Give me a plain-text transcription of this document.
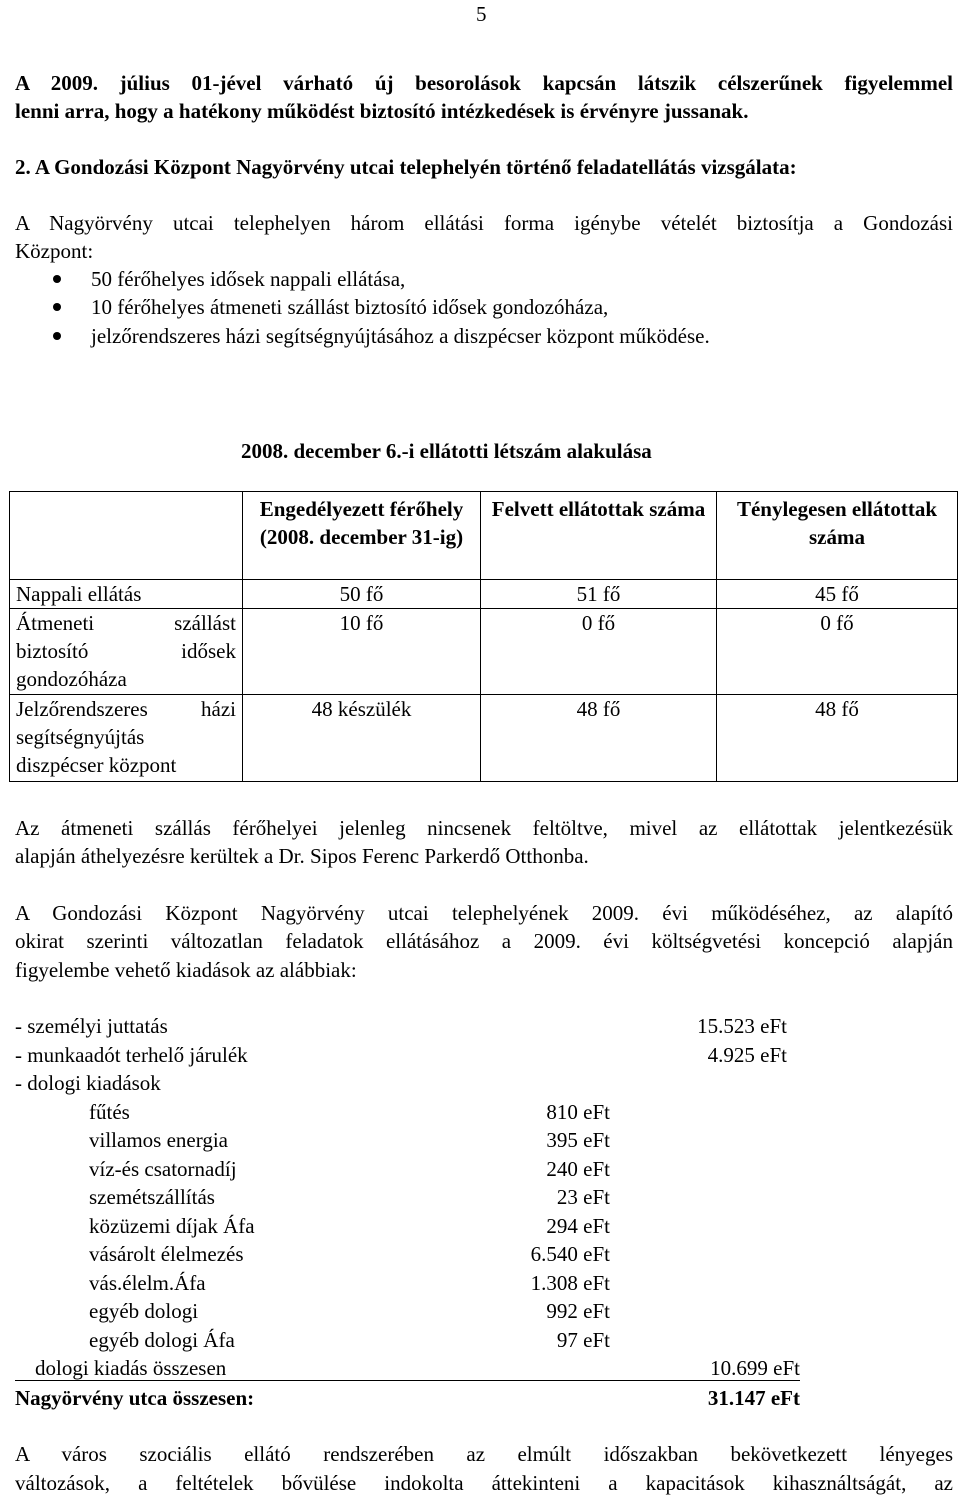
5
A 2009. július 01-jével várható új besorolások kapcsán látszik célszerűnek figyelemmel
lenni arra, hogy a hatékony működést biztosító intézkedések is érvényre jussanak.
2. A Gondozási Központ Nagyörvény utcai telephelyén történő feladatellátás vizsgálata:
A Nagyörvény utcai telephelyen három ellátási forma igénybe vételét biztosítja a Gondozási
Központ:
50 férőhelyes idősek nappali ellátása,
10 férőhelyes átmeneti szállást biztosító idősek gondozóháza,
jelzőrendszeres házi segítségnyújtásához a diszpécser központ működése.
2008. december 6.-i ellátotti létszám alakulása
	Engedélyezett férőhely (2008. december 31-ig)	Felvett ellátottak száma	Ténylegesen ellátottak száma
Nappali ellátás	50 fő	51 fő	45 fő
Átmeneti szállást biztosító idősek gondozóháza	10 fő	0 fő	0 fő
Jelzőrendszeres házi segítségnyújtás diszpécser központ	48 készülék	48 fő	48 fő
Az átmeneti szállás férőhelyei jelenleg nincsenek feltöltve, mivel az ellátottak jelentkezésük
alapján áthelyezésre kerültek a Dr. Sipos Ferenc Parkerdő Otthonba.
A Gondozási Központ Nagyörvény utcai telephelyének 2009. évi működéséhez, az alapító
okirat szerinti változatlan feladatok ellátásához a 2009. évi költségvetési koncepció alapján
figyelembe vehető kiadások az alábbiak:
- személyi juttatás	15.523 eFt
- munkaadót terhelő járulék	4.925 eFt
- dologi kiadások
fűtés	810 eFt
villamos energia	395 eFt
víz-és csatornadíj	240 eFt
szemétszállítás	23 eFt
közüzemi díjak Áfa	294 eFt
vásárolt élelmezés	6.540 eFt
vás.élelm.Áfa	1.308 eFt
egyéb dologi	992 eFt
egyéb dologi Áfa	97 eFt
dologi kiadás összesen	10.699 eFt
Nagyörvény utca összesen:	31.147 eFt
A város szociális ellátó rendszerében az elmúlt időszakban bekövetkezett lényeges
változások, a feltételek bővülése indokolta áttekinteni a kapacitások kihasználtságát, az
